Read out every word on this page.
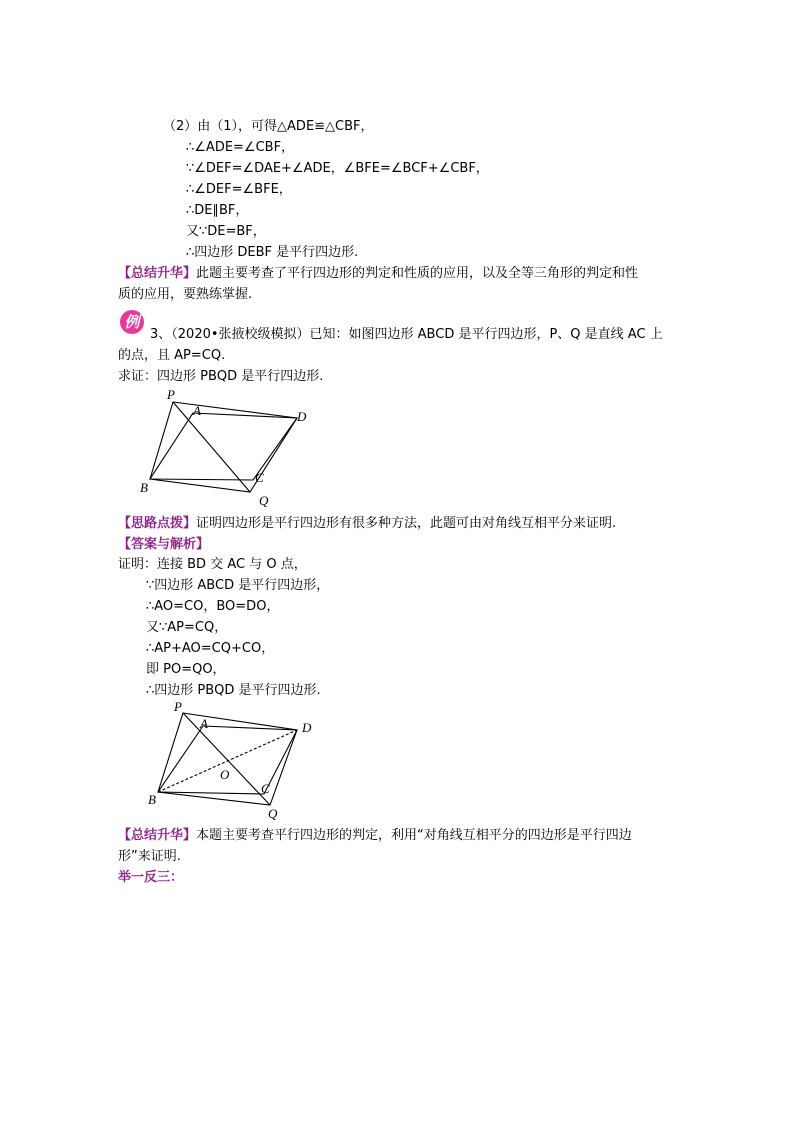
（2）由（1），可得△ADE≌△CBF，
∴∠ADE=∠CBF，
∵∠DEF=∠DAE+∠ADE，∠BFE=∠BCF+∠CBF，
∴∠DEF=∠BFE，
∴DE∥BF，
又∵DE=BF，
∴四边形 DEBF 是平行四边形.
【总结升华】此题主要考查了平行四边形的判定和性质的应用，以及全等三角形的判定和性
质的应用，要熟练掌握.
例
3、（2020•张掖校级模拟）已知：如图四边形 ABCD 是平行四边形，P、Q 是直线 AC 上
的点，且 AP=CQ.
求证：四边形 PBQD 是平行四边形.
P
A	D
B
C
Q
【思路点拨】证明四边形是平行四边形有很多种方法，此题可由对角线互相平分来证明.
【答案与解析】
证明：连接 BD 交 AC 与 O 点，
∵四边形 ABCD 是平行四边形，
∴AO=CO，BO=DO，
又∵AP=CQ，
∴AP+AO=CQ+CO，
即 PO=QO，
∴四边形 PBQD 是平行四边形.
P
A	D
O
B
C
Q
【总结升华】本题主要考查平行四边形的判定，利用“对角线互相平分的四边形是平行四边
形”来证明.
举一反三：
